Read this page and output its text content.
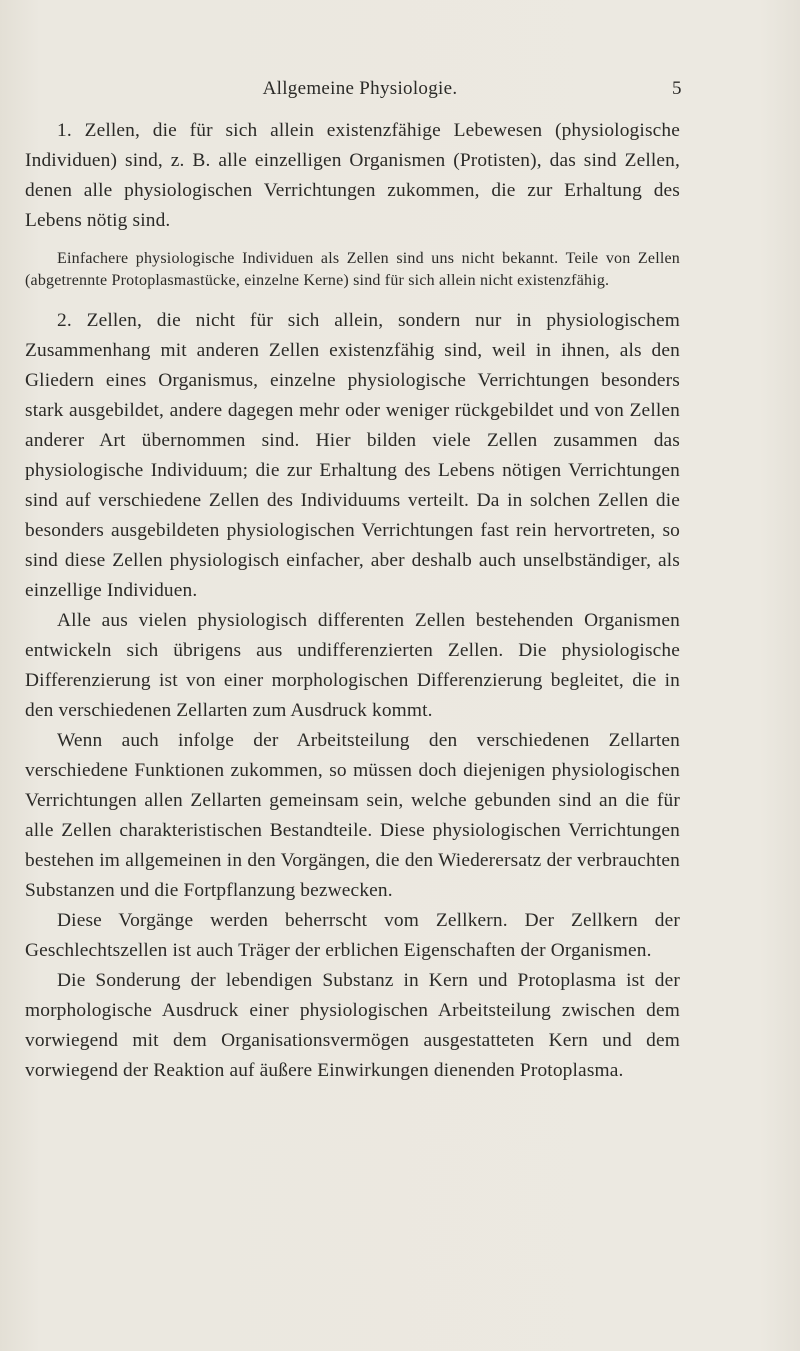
Allgemeine Physiologie.	5

1. Zellen, die für sich allein existenzfähige Lebewesen (physiologische Individuen) sind, z. B. alle einzelligen Organismen (Protisten), das sind Zellen, denen alle physiologischen Verrichtungen zukommen, die zur Erhaltung des Lebens nötig sind.

Einfachere physiologische Individuen als Zellen sind uns nicht bekannt. Teile von Zellen (abgetrennte Protoplasmastücke, einzelne Kerne) sind für sich allein nicht existenzfähig.

2. Zellen, die nicht für sich allein, sondern nur in physiologischem Zusammenhang mit anderen Zellen existenzfähig sind, weil in ihnen, als den Gliedern eines Organismus, einzelne physiologische Verrichtungen besonders stark ausgebildet, andere dagegen mehr oder weniger rückgebildet und von Zellen anderer Art übernommen sind. Hier bilden viele Zellen zusammen das physiologische Individuum; die zur Erhaltung des Lebens nötigen Verrichtungen sind auf verschiedene Zellen des Individuums verteilt. Da in solchen Zellen die besonders ausgebildeten physiologischen Verrichtungen fast rein hervortreten, so sind diese Zellen physiologisch einfacher, aber deshalb auch unselbständiger, als einzellige Individuen.

Alle aus vielen physiologisch differenten Zellen bestehenden Organismen entwickeln sich übrigens aus undifferenzierten Zellen. Die physiologische Differenzierung ist von einer morphologischen Differenzierung begleitet, die in den verschiedenen Zellarten zum Ausdruck kommt.

Wenn auch infolge der Arbeitsteilung den verschiedenen Zellarten verschiedene Funktionen zukommen, so müssen doch diejenigen physiologischen Verrichtungen allen Zellarten gemeinsam sein, welche gebunden sind an die für alle Zellen charakteristischen Bestandteile. Diese physiologischen Verrichtungen bestehen im allgemeinen in den Vorgängen, die den Wiederersatz der verbrauchten Substanzen und die Fortpflanzung bezwecken.

Diese Vorgänge werden beherrscht vom Zellkern. Der Zellkern der Geschlechtszellen ist auch Träger der erblichen Eigenschaften der Organismen.

Die Sonderung der lebendigen Substanz in Kern und Protoplasma ist der morphologische Ausdruck einer physiologischen Arbeitsteilung zwischen dem vorwiegend mit dem Organisationsvermögen ausgestatteten Kern und dem vorwiegend der Reaktion auf äußere Einwirkungen dienenden Protoplasma.
